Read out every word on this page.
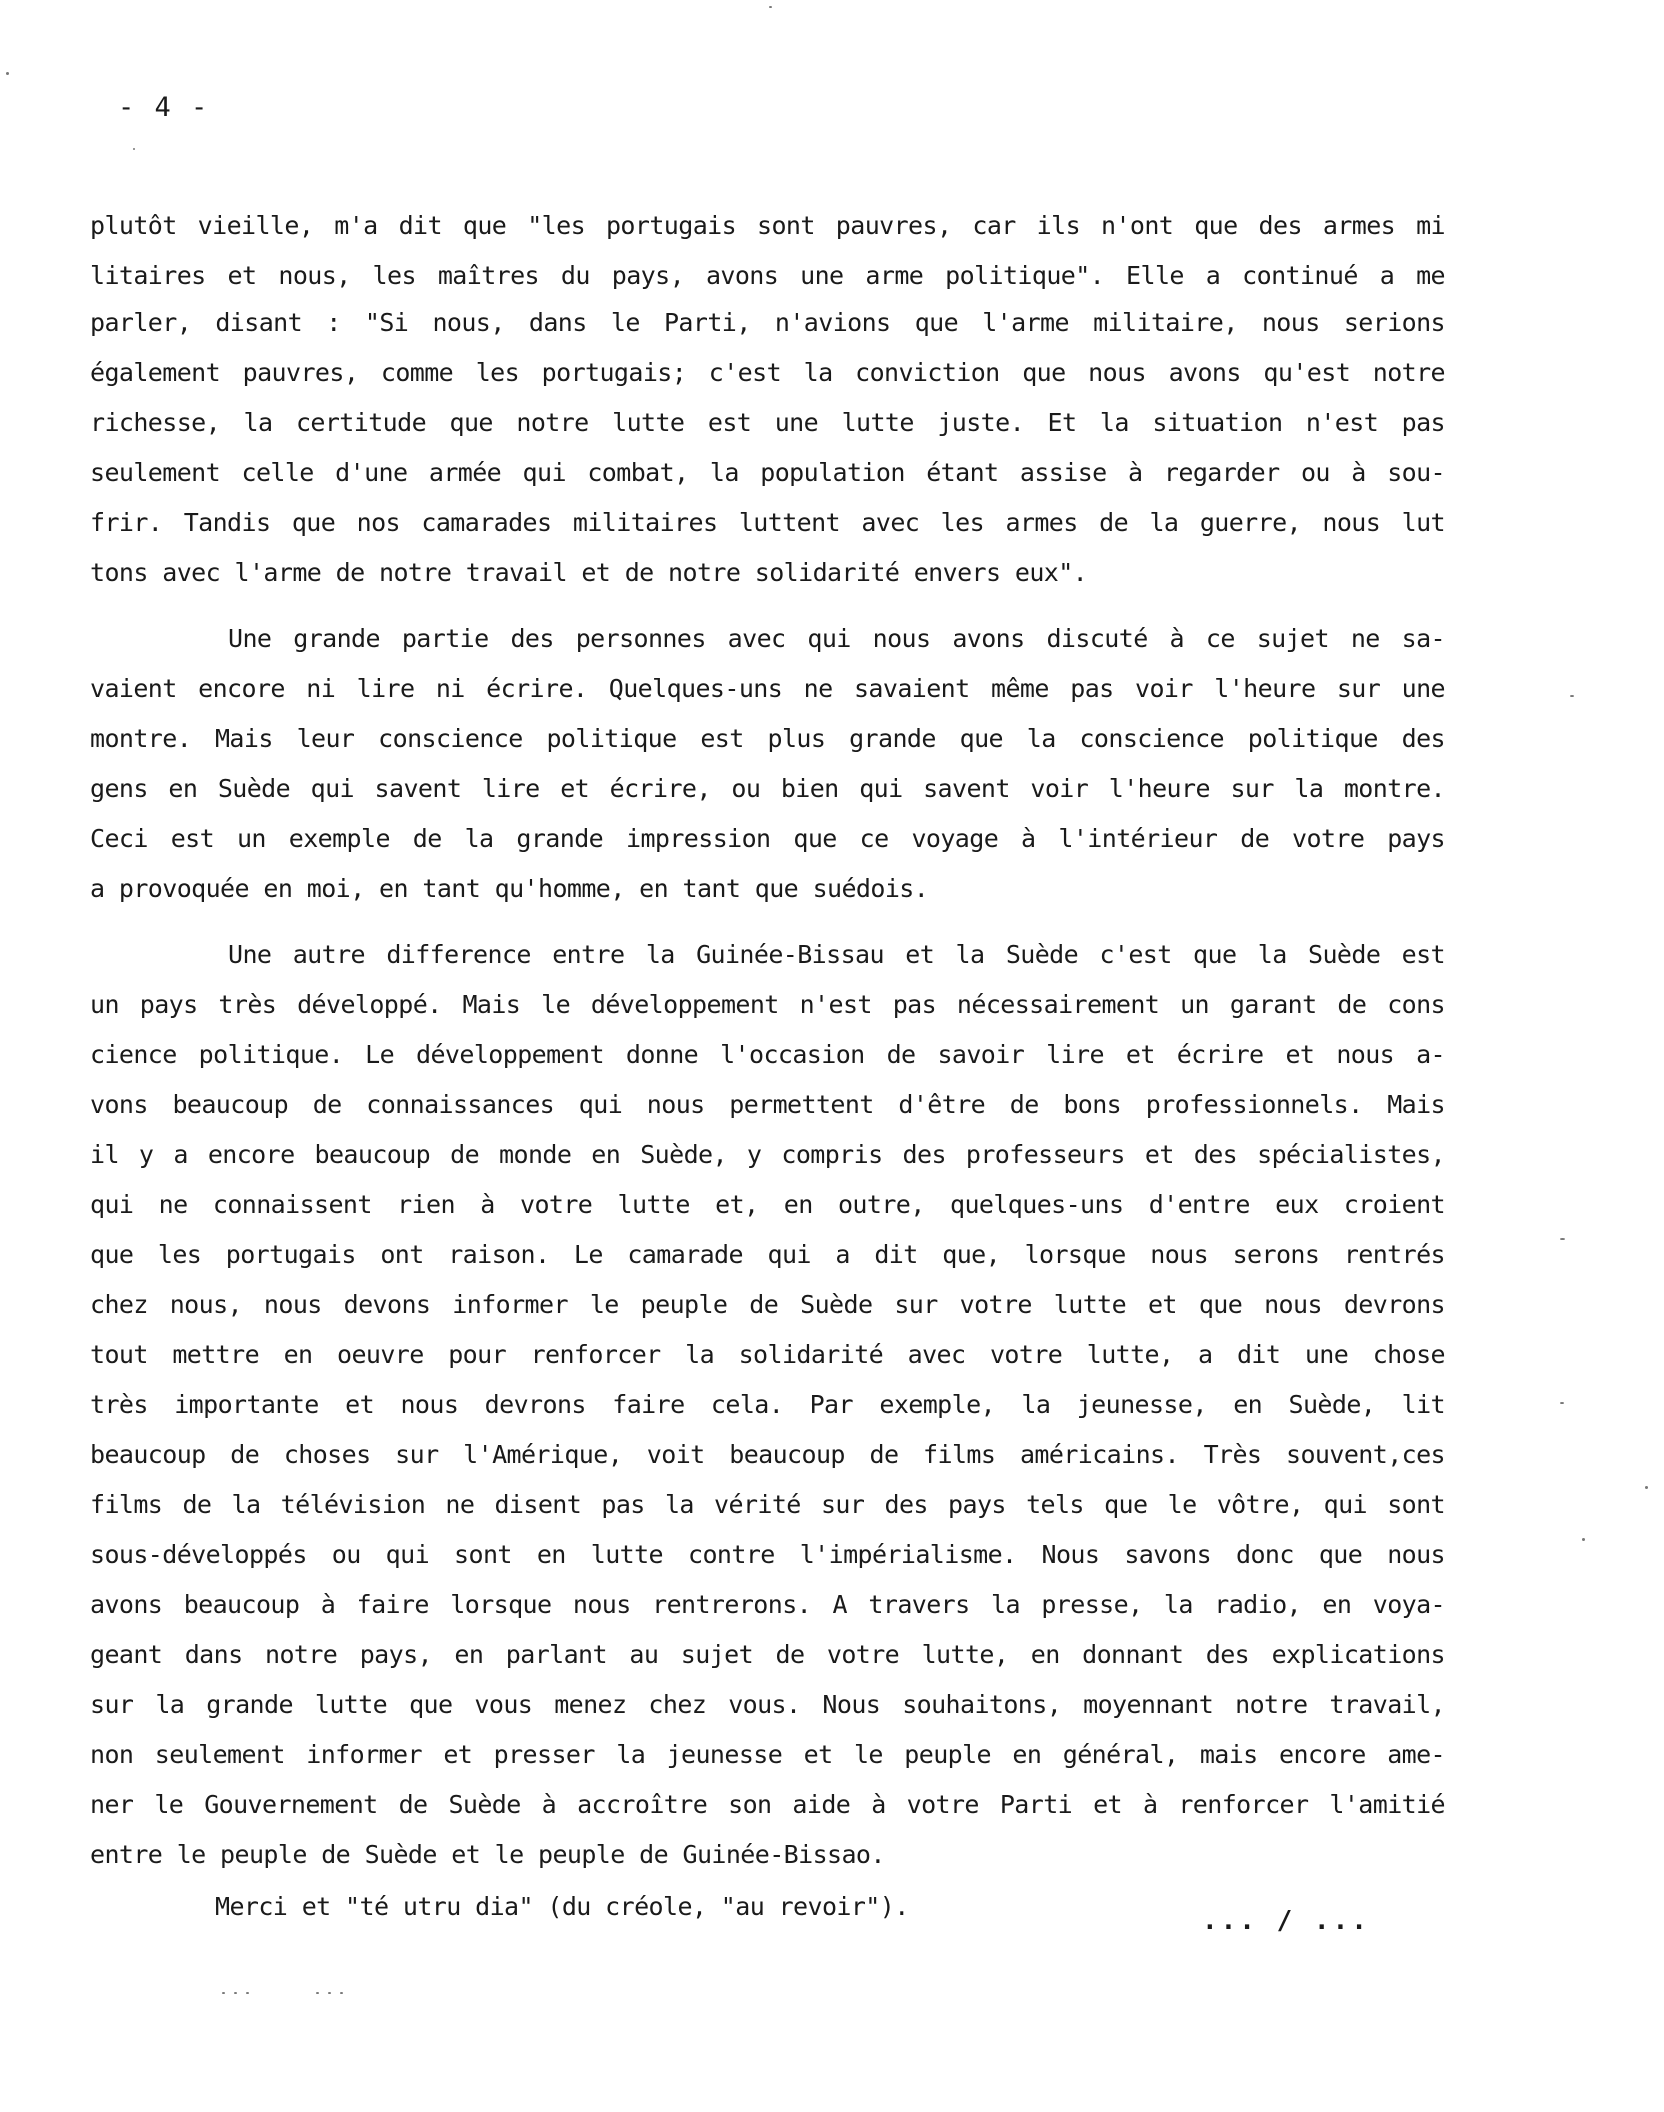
- 4 -
plutôt vieille, m'a dit que "les portugais sont pauvres, car ils n'ont que des armes mi
litaires et nous, les maîtres du pays, avons une arme politique". Elle a continué a me
parler, disant : "Si nous, dans le Parti, n'avions que l'arme militaire, nous serions
également pauvres, comme les portugais; c'est la conviction que nous avons qu'est notre
richesse, la certitude que notre lutte est une lutte juste. Et la situation n'est pas
seulement celle d'une armée qui combat, la population étant assise à regarder ou à sou-
frir. Tandis que nos camarades militaires luttent avec les armes de la guerre, nous lut
tons avec l'arme de notre travail et de notre solidarité envers eux".
Une grande partie des personnes avec qui nous avons discuté à ce sujet ne sa-
vaient encore ni lire ni écrire. Quelques-uns ne savaient même pas voir l'heure sur une
montre. Mais leur conscience politique est plus grande que la conscience politique des
gens en Suède qui savent lire et écrire, ou bien qui savent voir l'heure sur la montre.
Ceci est un exemple de la grande impression que ce voyage à l'intérieur de votre pays
a provoquée en moi, en tant qu'homme, en tant que suédois.
Une autre difference entre la Guinée-Bissau et la Suède c'est que la Suède est
un pays très développé. Mais le développement n'est pas nécessairement un garant de cons
cience politique. Le développement donne l'occasion de savoir lire et écrire et nous a-
vons beaucoup de connaissances qui nous permettent d'être de bons professionnels. Mais
il y a encore beaucoup de monde en Suède, y compris des professeurs et des spécialistes,
qui ne connaissent rien à votre lutte et, en outre, quelques-uns d'entre eux croient
que les portugais ont raison. Le camarade qui a dit que, lorsque nous serons rentrés
chez nous, nous devons informer le peuple de Suède sur votre lutte et que nous devrons
tout mettre en oeuvre pour renforcer la solidarité avec votre lutte, a dit une chose
très importante et nous devrons faire cela. Par exemple, la jeunesse, en Suède, lit
beaucoup de choses sur l'Amérique, voit beaucoup de films américains. Très souvent,ces
films de la télévision ne disent pas la vérité sur des pays tels que le vôtre, qui sont
sous-développés ou qui sont en lutte contre l'impérialisme. Nous savons donc que nous
avons beaucoup à faire lorsque nous rentrerons. A travers la presse, la radio, en voya-
geant dans notre pays, en parlant au sujet de votre lutte, en donnant des explications
sur la grande lutte que vous menez chez vous. Nous souhaitons, moyennant notre travail,
non seulement informer et presser la jeunesse et le peuple en général, mais encore ame-
ner le Gouvernement de Suède à accroître son aide à votre Parti et à renforcer l'amitié
entre le peuple de Suède et le peuple de Guinée-Bissao.
Merci et "té utru dia" (du créole, "au revoir").	... / ...
